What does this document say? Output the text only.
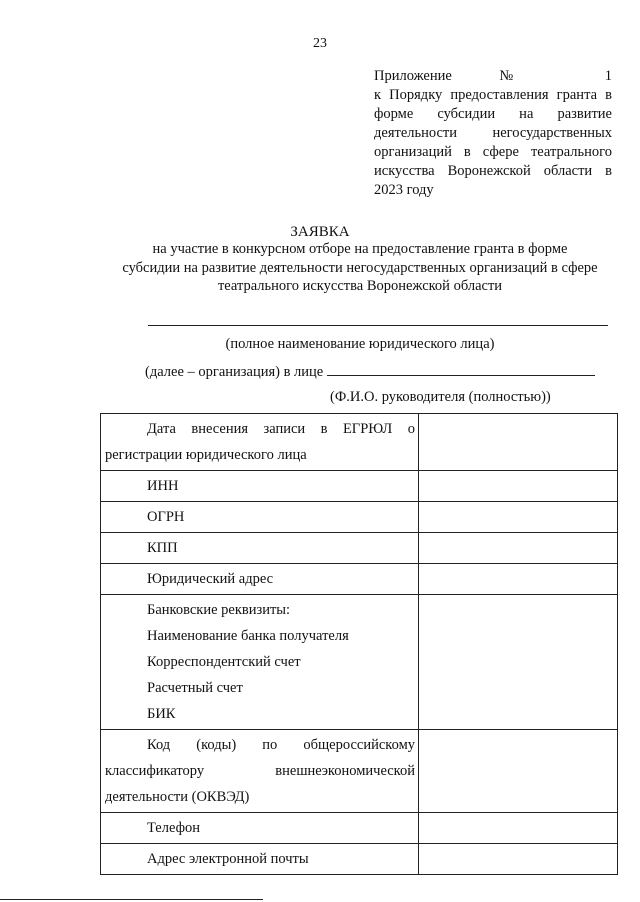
23
Приложение № 1
к Порядку предоставления гранта в
форме субсидии на развитие
деятельности негосударственных
организаций в сфере театрального
искусства Воронежской области в
2023 году
ЗАЯВКА
на участие в конкурсном отборе на предоставление гранта в форме
субсидии на развитие деятельности негосударственных организаций в сфере
театрального искусства Воронежской области
(полное наименование юридического лица)
(далее – организация) в лице
(Ф.И.О. руководителя (полностью))
Дата внесения записи в ЕГРЮЛ о
регистрации юридического лица	

ИНН	

ОГРН	

КПП	

Юридический адрес	

Банковские реквизиты:
Наименование банка получателя
Корреспондентский счет
Расчетный счет
БИК	

Код (коды) по общероссийскому
классификатору внешнеэкономической
деятельности (ОКВЭД)	

Телефон	

Адрес электронной почты	
